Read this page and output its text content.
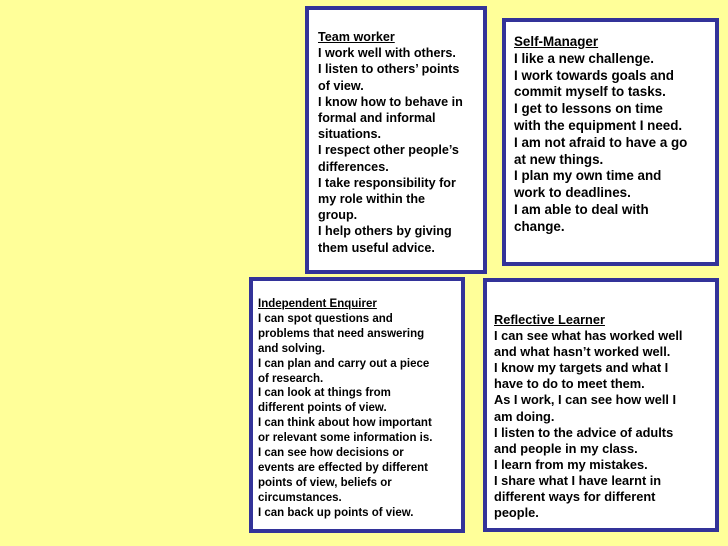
Team worker
I work well with others.
I listen to others’ points
of view.
I know how to behave in
formal and informal
situations.
I respect other people’s
differences.
I take responsibility for
my role within the
group.
I help others by giving
them useful advice.
Self-Manager
I like a new challenge.
I work towards goals and
commit myself to tasks.
I get to lessons on time
with the equipment I need.
I am not afraid to have a go
at new things.
I plan my own time and
work to deadlines.
I am able to deal with
change.
Independent Enquirer
I can spot questions and
problems that need answering
and solving.
I can plan and carry out a piece
of research.
I can look at things from
different points of view.
I can think about how important
or relevant some information is.
I can see how decisions or
events are effected by different
points of view, beliefs or
circumstances.
I can back up points of view.
Reflective Learner
I can see what has worked well
and what hasn’t worked well.
I know my targets and what I
have to do to meet them.
As I work, I can see how well I
am doing.
I listen to the advice of adults
and people in my class.
I learn from my mistakes.
I share what I have learnt in
different ways for different
people.
